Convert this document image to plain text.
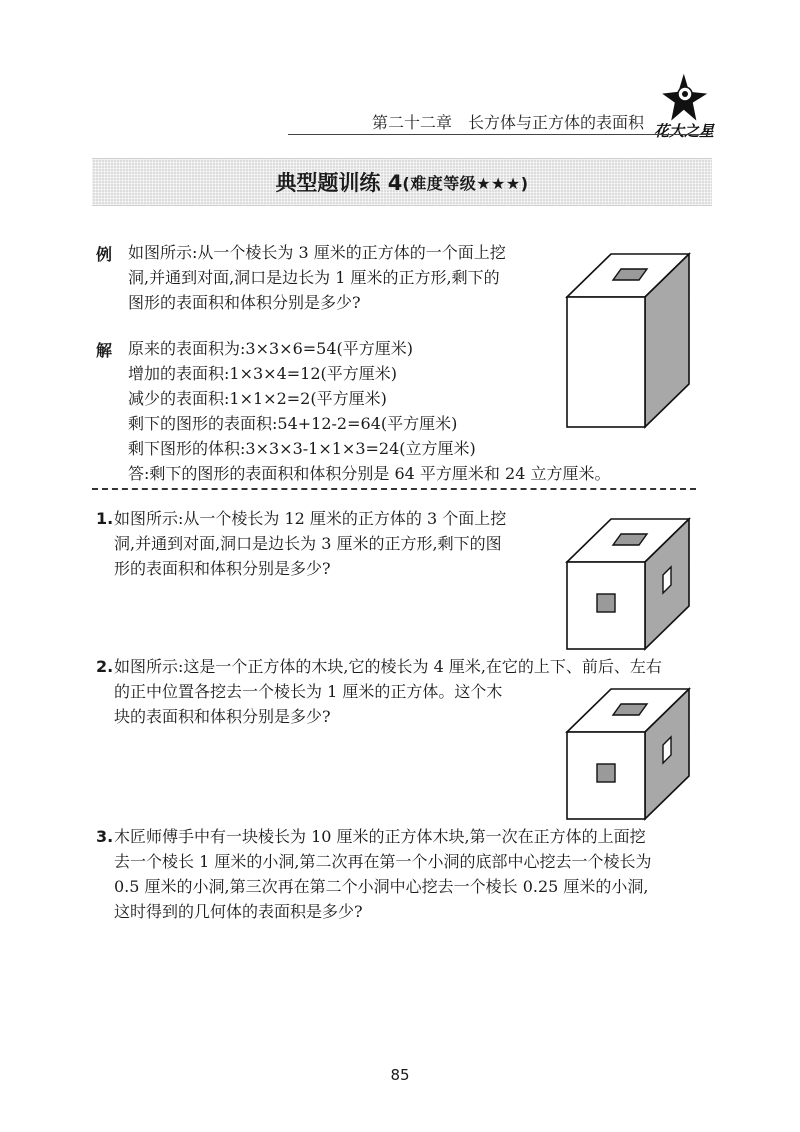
花大之星
第二十二章　长方体与正方体的表面积
典型题训练 4 (难度等级★★★)
例 如图所示:从一个棱长为 3 厘米的正方体的一个面上挖
洞,并通到对面,洞口是边长为 1 厘米的正方形,剩下的
图形的表面积和体积分别是多少?
解 原来的表面积为:3×3×6=54(平方厘米)
增加的表面积:1×3×4=12(平方厘米)
减少的表面积:1×1×2=2(平方厘米)
剩下的图形的表面积:54+12-2=64(平方厘米)
剩下图形的体积:3×3×3-1×1×3=24(立方厘米)
答:剩下的图形的表面积和体积分别是 64 平方厘米和 24 立方厘米。
1. 如图所示:从一个棱长为 12 厘米的正方体的 3 个面上挖
洞,并通到对面,洞口是边长为 3 厘米的正方形,剩下的图
形的表面积和体积分别是多少?
2. 如图所示:这是一个正方体的木块,它的棱长为 4 厘米,在它的上下、前后、左右
的正中位置各挖去一个棱长为 1 厘米的正方体。这个木
块的表面积和体积分别是多少?
3. 木匠师傅手中有一块棱长为 10 厘米的正方体木块,第一次在正方体的上面挖
去一个棱长 1 厘米的小洞,第二次再在第一个小洞的底部中心挖去一个棱长为
0.5 厘米的小洞,第三次再在第二个小洞中心挖去一个棱长 0.25 厘米的小洞,
这时得到的几何体的表面积是多少?
85
